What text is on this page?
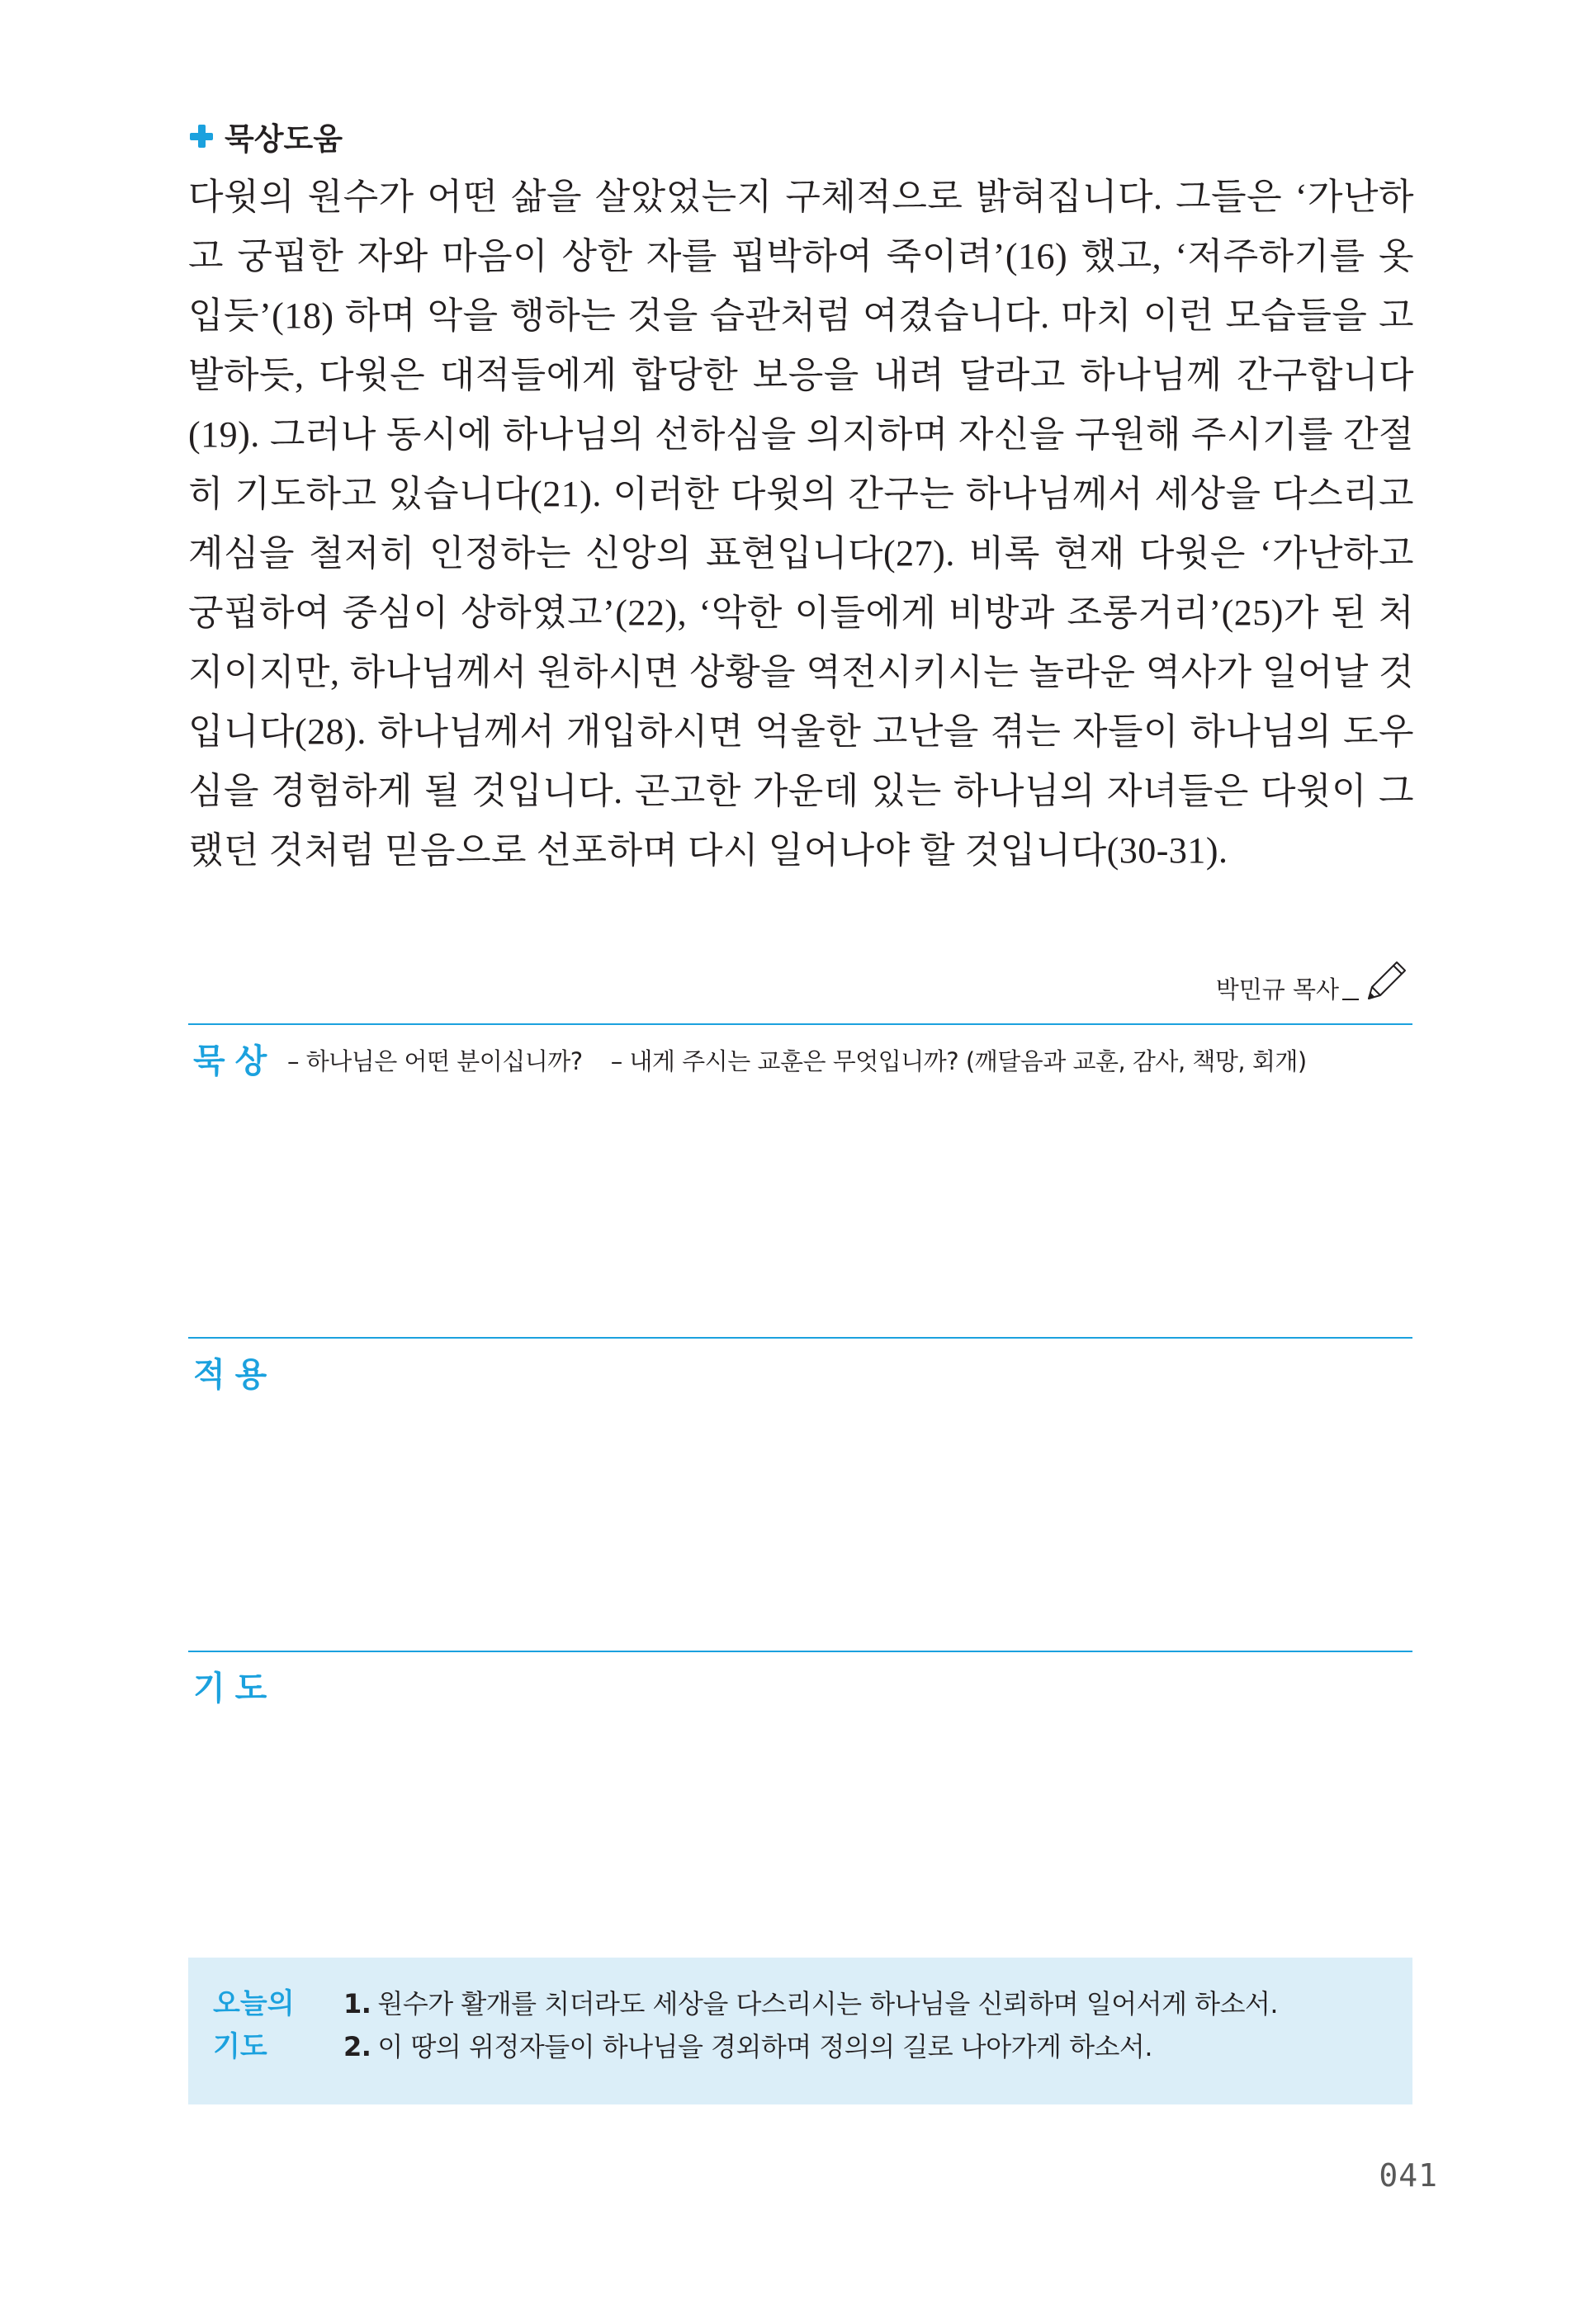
묵상도움

다윗의 원수가 어떤 삶을 살았었는지 구체적으로 밝혀집니다. 그들은 ‘가난하고 궁핍한 자와 마음이 상한 자를 핍박하여 죽이려’(16) 했고, ‘저주하기를 옷 입듯’(18) 하며 악을 행하는 것을 습관처럼 여겼습니다. 마치 이런 모습들을 고발하듯, 다윗은 대적들에게 합당한 보응을 내려 달라고 하나님께 간구합니다(19). 그러나 동시에 하나님의 선하심을 의지하며 자신을 구원해 주시기를 간절히 기도하고 있습니다(21). 이러한 다윗의 간구는 하나님께서 세상을 다스리고 계심을 철저히 인정하는 신앙의 표현입니다(27). 비록 현재 다윗은 ‘가난하고 궁핍하여 중심이 상하였고’(22), ‘악한 이들에게 비방과 조롱거리’(25)가 된 처지이지만, 하나님께서 원하시면 상황을 역전시키시는 놀라운 역사가 일어날 것입니다(28). 하나님께서 개입하시면 억울한 고난을 겪는 자들이 하나님의 도우심을 경험하게 될 것입니다. 곤고한 가운데 있는 하나님의 자녀들은 다윗이 그랬던 것처럼 믿음으로 선포하며 다시 일어나야 할 것입니다(30-31).

박민규 목사
묵상 – 하나님은 어떤 분이십니까? – 내게 주시는 교훈은 무엇입니까? (깨달음과 교훈, 감사, 책망, 회개)
적용
기도
오늘의
기도
1. 원수가 활개를 치더라도 세상을 다스리시는 하나님을 신뢰하며 일어서게 하소서.
2. 이 땅의 위정자들이 하나님을 경외하며 정의의 길로 나아가게 하소서.
041
